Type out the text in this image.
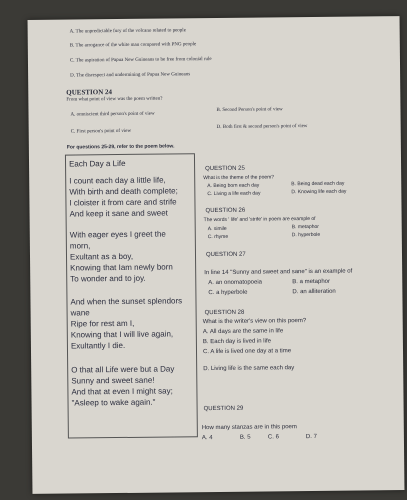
A. The unpredictable fury of the volcano related to people
B. The arrogance of the white man compared with PNG people
C. The aspiration of Papua New Guineans to be free from colonial rule
D. The disrespect and undermining of Papua New Guineans
QUESTION 24
From what point of view was the poem written?
A. omniscient third person's point of view
B. Second Person's point of view
C. First person's point of view
D. Both first & second person's point of view
For questions 25-29, refer to the poem below.
Each Day a Life
I count each day a little life,
With birth and death complete;
I cloister it from care and strife
And keep it sane and sweet
With eager eyes I greet the
morn,
Exultant as a boy,
Knowing that Iam newly born
To wonder and to joy.
And when the sunset splendors
wane
Ripe for rest am I,
Knowing that I will live again,
Exultantly I die.
O that all Life were but a Day
Sunny and sweet sane!
And that at even I might say;
"Asleep to wake again."
QUESTION 25
What is the theme of the poem?
A. Being born each day	B. Being dead each day
C. Living a life each day	D. Knowing life each day
QUESTION 26
The words ' life' and 'strife' in poem are example of
A. simile	B. metaphor
C. rhyme	D. hyperbole
QUESTION 27
In line 14 "Sunny and sweet and sane" is an example of
A. an onomatopoeia	B. a metaphor
C. a hyperbole	D. an alliteration
QUESTION 28
What is the writer's view on this poem?
A. All days are the same in life
B. Each day is lived in life
C. A life is lived one day at a time
D. Living life is the same each day
QUESTION 29
How many stanzas are in this poem
A. 4	B. 5	C. 6	D. 7
